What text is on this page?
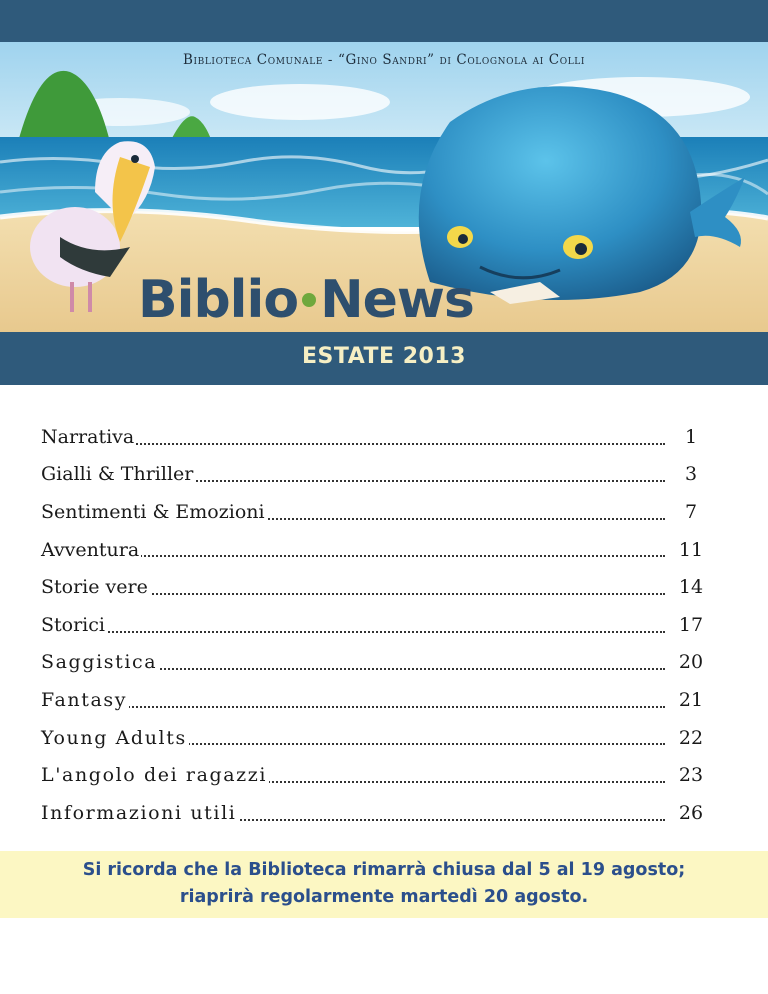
Biblioteca Comunale - “Gino Sandri” di Colognola ai Colli
Biblio News
ESTATE 2013
Narrativa	1
Gialli & Thriller	3
Sentimenti & Emozioni	7
Avventura	11
Storie vere	14
Storici	17
Saggistica	20
Fantasy	21
Young Adults	22
L'angolo dei ragazzi	23
Informazioni utili	26
Si ricorda che la Biblioteca rimarrà chiusa dal 5 al 19 agosto;
riaprirà regolarmente martedì 20 agosto.
